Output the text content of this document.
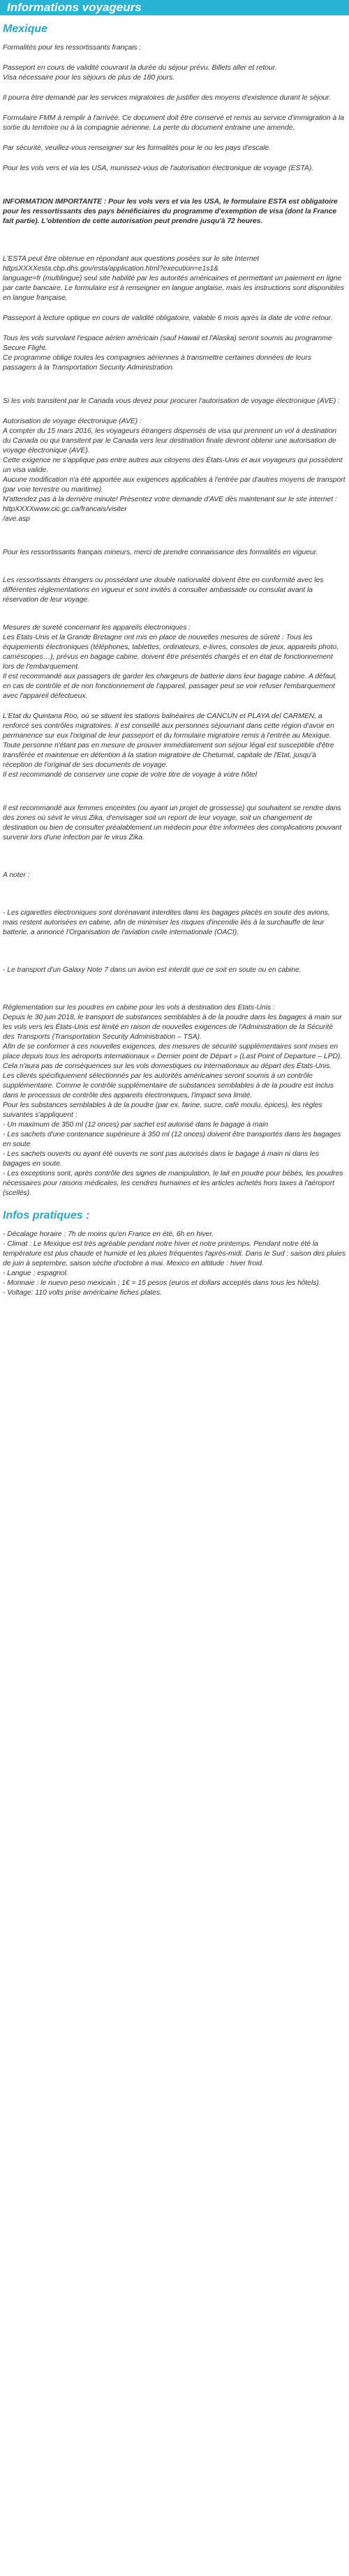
Informations voyageurs
Mexique

Formalités pour les ressortissants français :

Passeport en cours de validité couvrant la durée du séjour prévu. Billets aller et retour.
Visa nécessaire pour les séjours de plus de 180 jours.

Il pourra être demandé par les services migratoires de justifier des moyens d'existence durant le séjour.

Formulaire FMM à remplir à l'arrivée. Ce document doit être conservé et remis au service d'immigration à la sortie du territoire ou à la compagnie aérienne. La perte du document entraine une amende.

Par sécurité, veuillez-vous renseigner sur les formalités pour le ou les pays d'escale.

Pour les vols vers et via les USA, munissez-vous de l'autorisation électronique de voyage (ESTA).

INFORMATION IMPORTANTE : Pour les vols vers et via les USA, le formulaire ESTA est obligatoire pour les ressortissants des pays bénéficiaires du programme d'exemption de visa (dont la France fait partie). L'obtention de cette autorisation peut prendre jusqu'à 72 heures.

L'ESTA peut être obtenue en répondant aux questions posées sur le site Internet httpsXXXXesta.cbp.dhs.gov/esta/application.html?execution=e1s1&
language=fr (multilingue) seul site habilité par les autorités américaines et permettant un paiement en ligne par carte bancaire. Le formulaire est à renseigner en langue anglaise, mais les instructions sont disponibles en langue française.

Passeport à lecture optique en cours de validité obligatoire, valable 6 mois après la date de votre retour.

Tous les vols survolant l'espace aérien américain (sauf Hawaii et l'Alaska) seront soumis au programme Secure Flight.
Ce programme oblige toutes les compagnies aériennes à transmettre certaines données de leurs passagers à la Transportation Security Administration.

Si les vols transitent par le Canada vous devez pour procurer l'autorisation de voyage électronique (AVE) :

Autorisation de voyage électronique (AVE) :
A compter du 15 mars 2016, les voyageurs étrangers dispensés de visa qui prennent un vol à destination du Canada ou qui transitent par le Canada vers leur destination finale devront obtenir une autorisation de voyage électronique (AVE).
Cette exigence ne s'applique pas entre autres aux citoyens des États-Unis et aux voyageurs qui possèdent un visa valide.
Aucune modification n'a été apportée aux exigences applicables à l'entrée par d'autres moyens de transport (par voie terrestre ou maritime).
N'attendez pas à la dernière minute! Présentez votre demande d'AVE dès maintenant sur le site internet : httpXXXXwww.cic.gc.ca/francais/visiter
/ave.asp

Pour les ressortissants français mineurs, merci de prendre connaissance des formalités en vigueur.

Les ressortissants étrangers ou possédant une double nationalité doivent être en conformité avec les différentes réglementations en vigueur et sont invités à consulter ambassade ou consulat avant la réservation de leur voyage.

Mesures de sureté concernant les appareils électroniques :
Les Etats-Unis et la Grande Bretagne ont mis en place de nouvelles mesures de sûreté : Tous les équipements électroniques (téléphones, tablettes, ordinateurs, e-livres, consoles de jeux, appareils photo, caméscopes…), prévus en bagage cabine, doivent être présentés chargés et en état de fonctionnement lors de l'embarquement.
Il est recommandé aux passagers de garder les chargeurs de batterie dans leur bagage cabine. A défaut, en cas de contrôle et de non fonctionnement de l'appareil, passager peut se voir refuser l'embarquement avec l'appareil défectueux.

L'Etat du Quintana Roo, où se situent les stations balnéaires de CANCUN et PLAYA del CARMEN, a renforcé ses contrôles migratoires. Il est conseillé aux personnes séjournant dans cette région d'avoir en permanence sur eux l'original de leur passeport et du formulaire migratoire remis à l'entrée au Mexique. Toute personne n'étant pas en mesure de prouver immédiatement son séjour légal est susceptible d'être transférée et maintenue en détention à la station migratoire de Chetumal, capitale de l'Etat, jusqu'à réception de l'original de ses documents de voyage.
Il est recommandé de conserver une copie de votre titre de voyage à votre hôtel

Il est recommandé aux femmes enceintes (ou ayant un projet de grossesse) qui souhaitent se rendre dans des zones où sévit le virus Zika, d'envisager soit un report de leur voyage, soit un changement de destination ou bien de consulter préalablement un médecin pour être informées des complications pouvant survenir lors d'une infection par le virus Zika.

A noter :

- Les cigarettes électroniques sont dorénavant interdites dans les bagages placés en soute des avions, mais restent autorisées en cabine, afin de minimiser les risques d'incendie liés à la surchauffe de leur batterie, a annoncé l'Organisation de l'aviation civile internationale (OACI).

- Le transport d'un Galaxy Note 7 dans un avion est interdit que ce soit en soute ou en cabine.

Réglementation sur les poudres en cabine pour les vols à destination des Etats-Unis :
Depuis le 30 juin 2018, le transport de substances semblables à de la poudre dans les bagages à main sur les vols vers les États-Unis est limité en raison de nouvelles exigences de l'Administration de la Sécurité des Transports (Transportation Security Administration – TSA).
Afin de se conformer à ces nouvelles exigences, des mesures de sécurité supplémentaires sont mises en place depuis tous les aéroports internationaux « Dernier point de Départ » (Last Point of Departure – LPD). Cela n'aura pas de conséquences sur les vols domestiques ou internationaux au départ des États-Unis.
Les clients spécifiquement sélectionnés par les autorités américaines seront soumis à un contrôle supplémentaire. Comme le contrôle supplémentaire de substances semblables à de la poudre est inclus dans le processus de contrôle des appareils électroniques, l'impact sera limité.
Pour les substances semblables à de la poudre (par ex. farine, sucre, café moulu, épices), les règles suivantes s'appliquent :
- Un maximum de 350 ml (12 onces) par sachet est autorisé dans le bagage à main
- Les sachets d'une contenance supérieure à 350 ml (12 onces) doivent être transportés dans les bagages en soute
- Les sachets ouverts ou ayant été ouverts ne sont pas autorisés dans le bagage à main ni dans les bagages en soute.
- Les exceptions sont, après contrôle des signes de manipulation, le lait en poudre pour bébés, les poudres nécessaires pour raisons médicales, les cendres humaines et les articles achetés hors taxes à l'aéroport (scellés).

Infos pratiques :

- Décalage horaire : 7h de moins qu'en France en été, 6h en hiver.
- Climat : Le Mexique est très agréable pendant notre hiver et notre printemps. Pendant notre été la température est plus chaude et humide et les pluies fréquentes l'après-midi. Dans le Sud : saison des pluies de juin à septembre, saison sèche d'octobre à mai. Mexico en altitude : hiver froid.
- Langue : espagnol.
- Monnaie : le nuevo peso mexicain ; 1€ = 15 pesos (euros et dollars acceptés dans tous les hôtels).
- Voltage: 110 volts prise américaine fiches plates.
